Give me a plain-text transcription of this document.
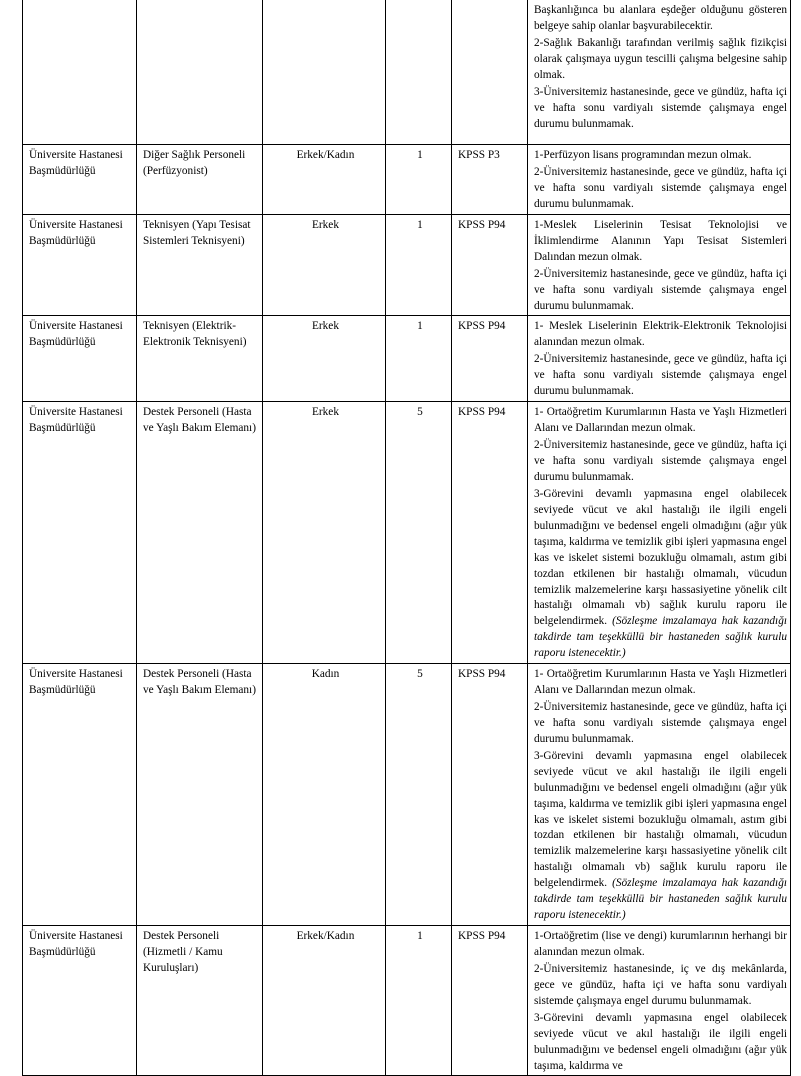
					Başkanlığınca bu alanlara eşdeğer olduğunu gösteren belgeye sahip olanlar başvurabilecektir.

2-Sağlık Bakanlığı tarafından verilmiş sağlık fizikçisi olarak çalışmaya uygun tescilli çalışma belgesine sahip olmak.

3-Üniversitemiz hastanesinde, gece ve gündüz, hafta içi ve hafta sonu vardiyalı sistemde çalışmaya engel durumu bulunmamak.

Üniversite Hastanesi Başmüdürlüğü	Diğer Sağlık Personeli (Perfüzyonist)	Erkek/Kadın	1	KPSS P3	1-Perfüzyon lisans programından mezun olmak.

2-Üniversitemiz hastanesinde, gece ve gündüz, hafta içi ve hafta sonu vardiyalı sistemde çalışmaya engel durumu bulunmamak.

Üniversite Hastanesi Başmüdürlüğü	Teknisyen (Yapı Tesisat Sistemleri Teknisyeni)	Erkek	1	KPSS P94	1-Meslek Liselerinin Tesisat Teknolojisi ve İklimlendirme Alanının Yapı Tesisat Sistemleri Dalından mezun olmak.

2-Üniversitemiz hastanesinde, gece ve gündüz, hafta içi ve hafta sonu vardiyalı sistemde çalışmaya engel durumu bulunmamak.

Üniversite Hastanesi Başmüdürlüğü	Teknisyen (Elektrik-Elektronik Teknisyeni)	Erkek	1	KPSS P94	1- Meslek Liselerinin Elektrik-Elektronik Teknolojisi alanından mezun olmak.

2-Üniversitemiz hastanesinde, gece ve gündüz, hafta içi ve hafta sonu vardiyalı sistemde çalışmaya engel durumu bulunmamak.

Üniversite Hastanesi Başmüdürlüğü	Destek Personeli (Hasta ve Yaşlı Bakım Elemanı)	Erkek	5	KPSS P94	1- Ortaöğretim Kurumlarının Hasta ve Yaşlı Hizmetleri Alanı ve Dallarından mezun olmak.

2-Üniversitemiz hastanesinde, gece ve gündüz, hafta içi ve hafta sonu vardiyalı sistemde çalışmaya engel durumu bulunmamak.

3-Görevini devamlı yapmasına engel olabilecek seviyede vücut ve akıl hastalığı ile ilgili engeli bulunmadığını ve bedensel engeli olmadığını (ağır yük taşıma, kaldırma ve temizlik gibi işleri yapmasına engel kas ve iskelet sistemi bozukluğu olmamalı, astım gibi tozdan etkilenen bir hastalığı olmamalı, vücudun temizlik malzemelerine karşı hassasiyetine yönelik cilt hastalığı olmamalı vb) sağlık kurulu raporu ile belgelendirmek. (Sözleşme imzalamaya hak kazandığı takdirde tam teşekküllü bir hastaneden sağlık kurulu raporu istenecektir.)

Üniversite Hastanesi Başmüdürlüğü	Destek Personeli (Hasta ve Yaşlı Bakım Elemanı)	Kadın	5	KPSS P94	1- Ortaöğretim Kurumlarının Hasta ve Yaşlı Hizmetleri Alanı ve Dallarından mezun olmak.

2-Üniversitemiz hastanesinde, gece ve gündüz, hafta içi ve hafta sonu vardiyalı sistemde çalışmaya engel durumu bulunmamak.

3-Görevini devamlı yapmasına engel olabilecek seviyede vücut ve akıl hastalığı ile ilgili engeli bulunmadığını ve bedensel engeli olmadığını (ağır yük taşıma, kaldırma ve temizlik gibi işleri yapmasına engel kas ve iskelet sistemi bozukluğu olmamalı, astım gibi tozdan etkilenen bir hastalığı olmamalı, vücudun temizlik malzemelerine karşı hassasiyetine yönelik cilt hastalığı olmamalı vb) sağlık kurulu raporu ile belgelendirmek. (Sözleşme imzalamaya hak kazandığı takdirde tam teşekküllü bir hastaneden sağlık kurulu raporu istenecektir.)

Üniversite Hastanesi Başmüdürlüğü	Destek Personeli (Hizmetli / Kamu Kuruluşları)	Erkek/Kadın	1	KPSS P94	1-Ortaöğretim (lise ve dengi) kurumlarının herhangi bir alanından mezun olmak.

2-Üniversitemiz hastanesinde, iç ve dış mekânlarda, gece ve gündüz, hafta içi ve hafta sonu vardiyalı sistemde çalışmaya engel durumu bulunmamak.

3-Görevini devamlı yapmasına engel olabilecek seviyede vücut ve akıl hastalığı ile ilgili engeli bulunmadığını ve bedensel engeli olmadığını (ağır yük taşıma, kaldırma ve
